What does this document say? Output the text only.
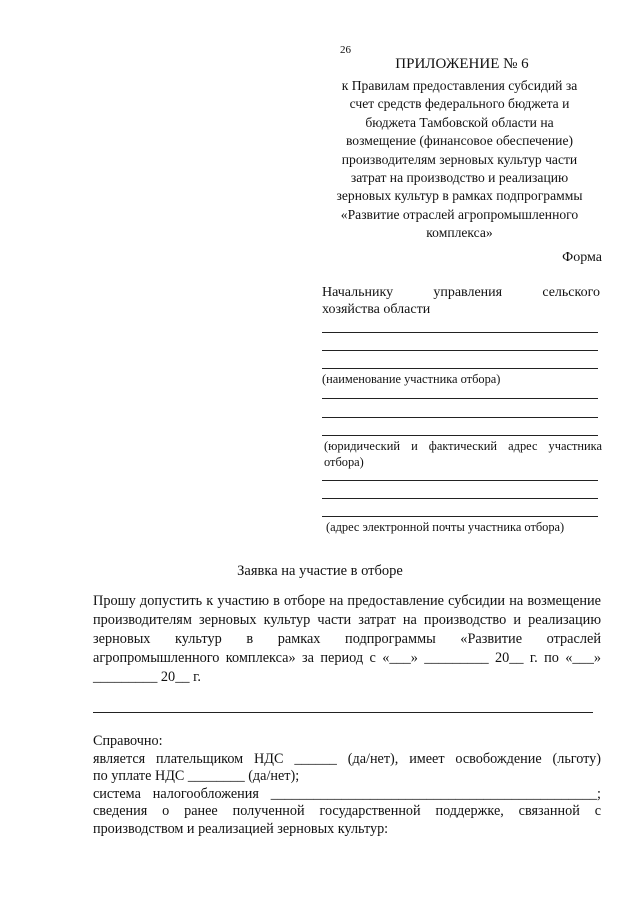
26
ПРИЛОЖЕНИЕ № 6
к Правилам предоставления субсидий за
счет средств федерального бюджета и
бюджета Тамбовской области на
возмещение (финансовое обеспечение)
производителям зерновых культур части
затрат на производство и реализацию
зерновых культур в рамках подпрограммы
«Развитие отраслей агропромышленного
комплекса»
Форма
Начальнику	управления	сельского
хозяйства области
(наименование участника отбора)
(юридический и фактический адрес участника отбора)
(адрес электронной почты участника отбора)
Заявка на участие в отборе
Прошу допустить к участию в отборе на предоставление субсидии на возмещение производителям зерновых культур части затрат на производство и реализацию зерновых культур в рамках подпрограммы «Развитие отраслей агропромышленного комплекса» за период с «___» _________ 20__ г. по «___» _________ 20__ г.

Справочно:

является плательщиком НДС ______ (да/нет), имеет освобождение (льготу)

по уплате НДС ________ (да/нет);

система налогообложения ______________________________________________;

сведения о ранее полученной государственной поддержке, связанной с

производством и реализацией зерновых культур:
